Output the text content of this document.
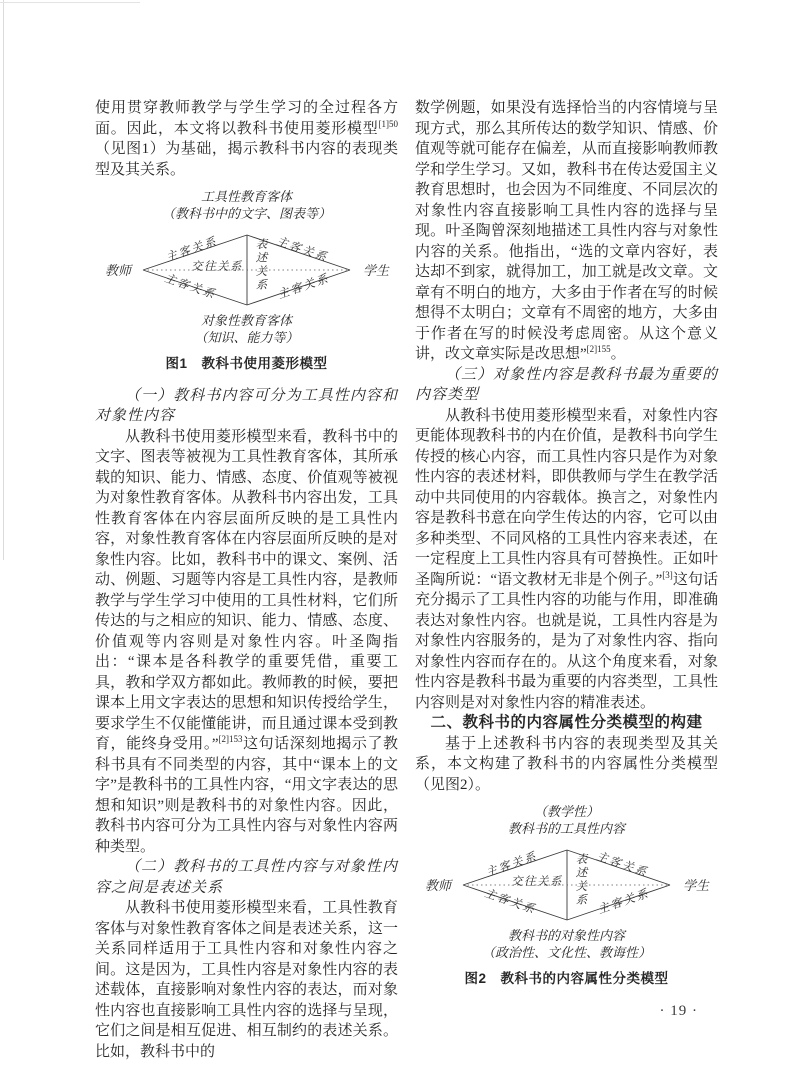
使用贯穿教师教学与学生学习的全过程各方面。因此，本文将以教科书使用菱形模型$^{[1]50}$（见图1）为基础，揭示教科书内容的表现类型及其关系。

工具性教育客体
（教科书中的文字、图表等）
教师	学生
主客关系	主客关系
主客关系	主客关系
交往关系	表述关系
对象性教育客体
（知识、能力等）
图1　教科书使用菱形模型

（一）教科书内容可分为工具性内容和对象性内容

从教科书使用菱形模型来看，教科书中的文字、图表等被视为工具性教育客体，其所承载的知识、能力、情感、态度、价值观等被视为对象性教育客体。从教科书内容出发，工具性教育客体在内容层面所反映的是工具性内容，对象性教育客体在内容层面所反映的是对象性内容。比如，教科书中的课文、案例、活动、例题、习题等内容是工具性内容，是教师教学与学生学习中使用的工具性材料，它们所传达的与之相应的知识、能力、情感、态度、价值观等内容则是对象性内容。叶圣陶指出：“课本是各科教学的重要凭借，重要工具，教和学双方都如此。教师教的时候，要把课本上用文字表达的思想和知识传授给学生，要求学生不仅能懂能讲，而且通过课本受到教育，能终身受用。”$^{[2]153}$这句话深刻地揭示了教科书具有不同类型的内容，其中“课本上的文字”是教科书的工具性内容，“用文字表达的思想和知识”则是教科书的对象性内容。因此，教科书内容可分为工具性内容与对象性内容两种类型。

（二）教科书的工具性内容与对象性内容之间是表述关系

从教科书使用菱形模型来看，工具性教育客体与对象性教育客体之间是表述关系，这一关系同样适用于工具性内容和对象性内容之间。这是因为，工具性内容是对象性内容的表述载体，直接影响对象性内容的表达，而对象性内容也直接影响工具性内容的选择与呈现，它们之间是相互促进、相互制约的表述关系。比如，教科书中的

数学例题，如果没有选择恰当的内容情境与呈现方式，那么其所传达的数学知识、情感、价值观等就可能存在偏差，从而直接影响教师教学和学生学习。又如，教科书在传达爱国主义教育思想时，也会因为不同维度、不同层次的对象性内容直接影响工具性内容的选择与呈现。叶圣陶曾深刻地描述工具性内容与对象性内容的关系。他指出，“选的文章内容好，表达却不到家，就得加工，加工就是改文章。文章有不明白的地方，大多由于作者在写的时候想得不太明白；文章有不周密的地方，大多由于作者在写的时候没考虑周密。从这个意义讲，改文章实际是改思想”$^{[2]155}$。

（三）对象性内容是教科书最为重要的内容类型

从教科书使用菱形模型来看，对象性内容更能体现教科书的内在价值，是教科书向学生传授的核心内容，而工具性内容只是作为对象性内容的表述材料，即供教师与学生在教学活动中共同使用的内容载体。换言之，对象性内容是教科书意在向学生传达的内容，它可以由多种类型、不同风格的工具性内容来表述，在一定程度上工具性内容具有可替换性。正如叶圣陶所说：“语文教材无非是个例子。”[3]这句话充分揭示了工具性内容的功能与作用，即准确表达对象性内容。也就是说，工具性内容是为对象性内容服务的，是为了对象性内容、指向对象性内容而存在的。从这个角度来看，对象性内容是教科书最为重要的内容类型，工具性内容则是对对象性内容的精准表述。

二、教科书的内容属性分类模型的构建

基于上述教科书内容的表现类型及其关系，本文构建了教科书的内容属性分类模型（见图2）。

（教学性）
教科书的工具性内容
教师	学生
主客关系	主客关系
主客关系	主客关系
交往关系	表述关系
教科书的对象性内容
（政治性、文化性、教诲性）
图2　教科书的内容属性分类模型
· 19 ·
